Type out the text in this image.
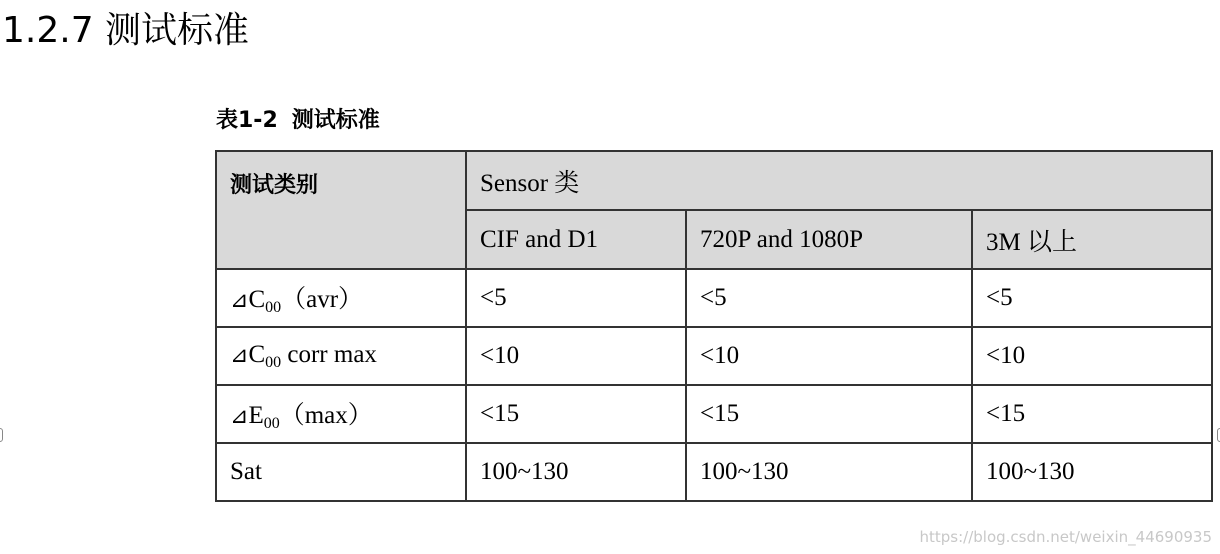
1.2.7 测试标准
表1-2 测试标准
测试类别	Sensor 类		
	CIF and D1	720P and 1080P	3M 以上
$⊿C_{00}(avr)$	<5	<5	<5
$⊿C_{00}$ corr max	<10	<10	<10
$⊿E_{00}(\max)$	<15	<15	<15
Sat	100~130	100~130	100~130
https://blog.csdn.net/weixin_44690935
